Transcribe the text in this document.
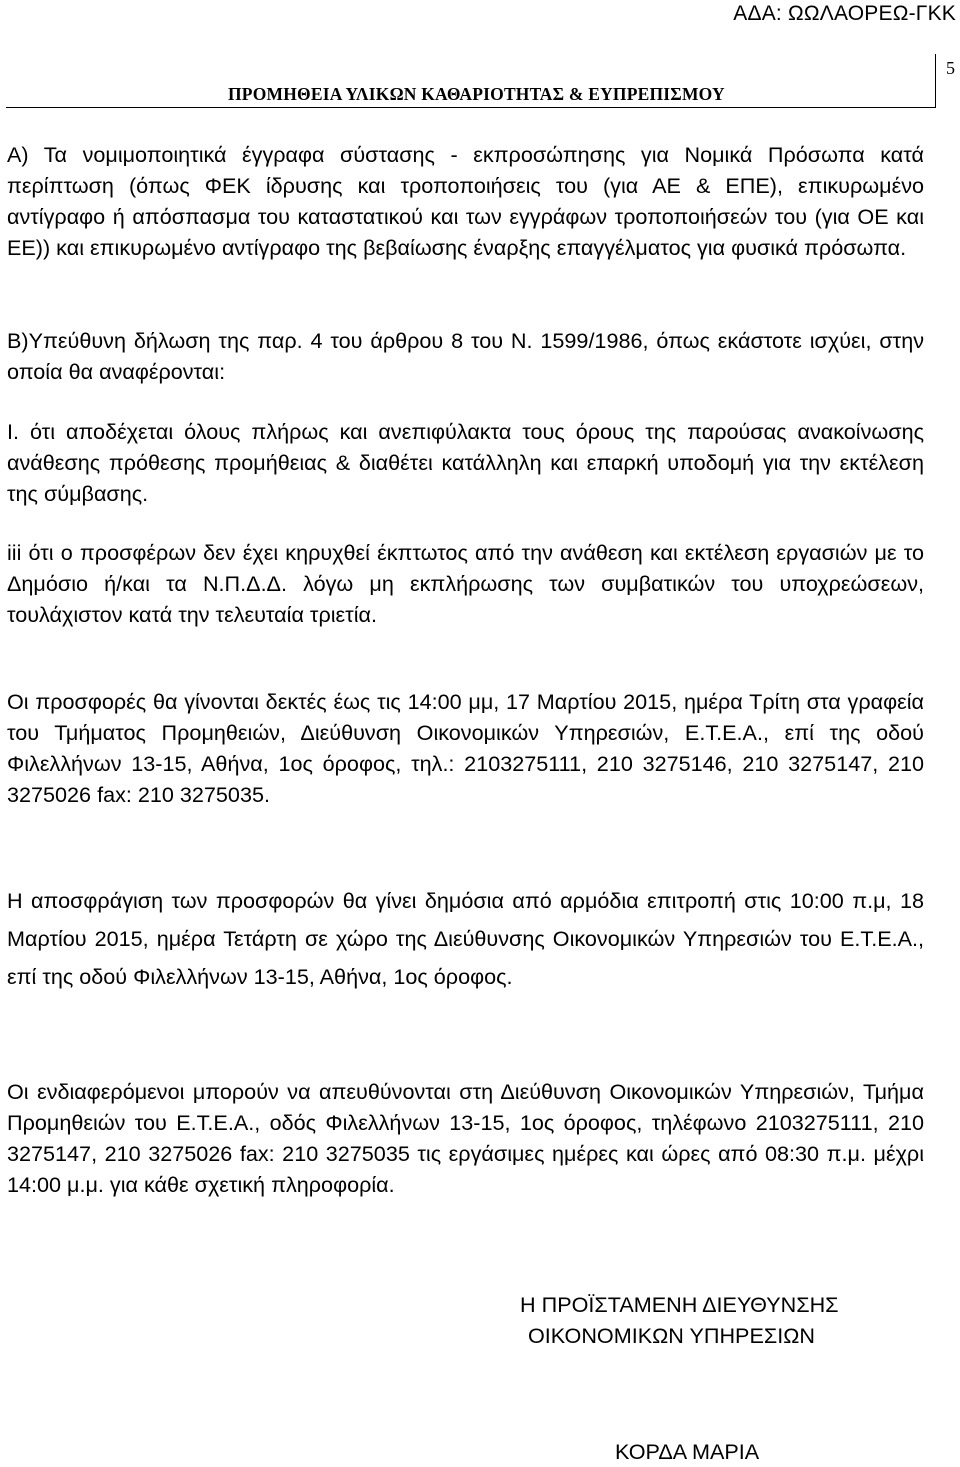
ΑΔΑ: ΩΩΛΑΟΡΕΩ-ΓΚΚ
ΠΡΟΜΗΘΕΙΑ ΥΛΙΚΩΝ ΚΑΘΑΡΙΟΤΗΤΑΣ & ΕΥΠΡΕΠΙΣΜΟΥ
5
Α) Τα νομιμοποιητικά έγγραφα σύστασης - εκπροσώπησης για Νομικά Πρόσωπα κατά περίπτωση (όπως ΦΕΚ ίδρυσης και τροποποιήσεις του (για ΑΕ & ΕΠΕ), επικυρωμένο αντίγραφο ή απόσπασμα του καταστατικού και των εγγράφων τροποποιήσεών του (για ΟΕ και ΕΕ)) και επικυρωμένο αντίγραφο της βεβαίωσης έναρξης επαγγέλματος για φυσικά πρόσωπα.
Β)Υπεύθυνη δήλωση της παρ. 4 του άρθρου 8 του Ν. 1599/1986, όπως εκάστοτε ισχύει, στην οποία θα αναφέρονται:
Ι. ότι αποδέχεται όλους πλήρως και ανεπιφύλακτα τους όρους της παρούσας ανακοίνωσης ανάθεσης πρόθεσης προμήθειας & διαθέτει κατάλληλη και επαρκή υποδομή για την εκτέλεση της σύμβασης.
iii ότι ο προσφέρων δεν έχει κηρυχθεί έκπτωτος από την ανάθεση και εκτέλεση εργασιών με το Δημόσιο ή/και τα Ν.Π.Δ.Δ. λόγω μη εκπλήρωσης των συμβατικών του υποχρεώσεων, τουλάχιστον κατά την τελευταία τριετία.
Οι προσφορές θα γίνονται δεκτές έως τις 14:00 μμ, 17 Μαρτίου 2015, ημέρα Τρίτη στα γραφεία του Τμήματος Προμηθειών, Διεύθυνση Οικονομικών Υπηρεσιών, Ε.Τ.Ε.Α., επί της οδού Φιλελλήνων 13-15, Αθήνα, 1ος όροφος, τηλ.: 2103275111, 210 3275146, 210 3275147, 210 3275026 fax: 210 3275035.
Η αποσφράγιση των προσφορών θα γίνει δημόσια από αρμόδια επιτροπή στις 10:00 π.μ, 18 Μαρτίου 2015, ημέρα Τετάρτη σε χώρο της Διεύθυνσης Οικονομικών Υπηρεσιών του Ε.Τ.Ε.Α., επί της οδού Φιλελλήνων 13-15, Αθήνα, 1ος όροφος.
Οι ενδιαφερόμενοι μπορούν να απευθύνονται στη Διεύθυνση Οικονομικών Υπηρεσιών, Τμήμα Προμηθειών του Ε.Τ.Ε.Α., οδός Φιλελλήνων 13-15, 1ος όροφος, τηλέφωνο 2103275111, 210 3275147, 210 3275026 fax: 210 3275035 τις εργάσιμες ημέρες και ώρες από 08:30 π.μ. μέχρι 14:00 μ.μ. για κάθε σχετική πληροφορία.
Η ΠΡΟΪΣΤΑΜΕΝΗ ΔΙΕΥΘΥΝΣΗΣ
ΟΙΚΟΝΟΜΙΚΩΝ ΥΠΗΡΕΣΙΩΝ
ΚΟΡΔΑ ΜΑΡΙΑ
